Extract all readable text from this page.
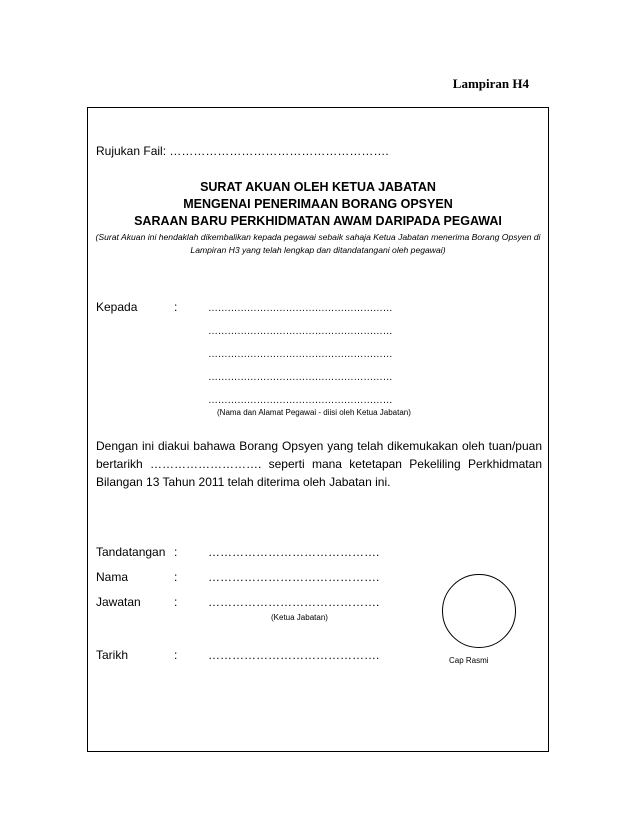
Lampiran H4
Rujukan Fail: ……………………………………………….
SURAT AKUAN OLEH KETUA JABATAN
MENGENAI PENERIMAAN BORANG OPSYEN
SARAAN BARU PERKHIDMATAN AWAM DARIPADA PEGAWAI
(Surat Akuan ini hendaklah dikembalikan kepada pegawai sebaik sahaja Ketua Jabatan menerima Borang Opsyen di Lampiran H3 yang telah lengkap dan ditandatangani oleh pegawai)
Kepada	:	…………………………………………………
…………………………………………………
…………………………………………………
…………………………………………………
…………………………………………………
(Nama dan Alamat Pegawai - diisi oleh Ketua Jabatan)
Dengan ini diakui bahawa Borang Opsyen yang telah dikemukakan oleh tuan/puan bertarikh ………………………. seperti mana ketetapan Pekeliling Perkhidmatan Bilangan 13 Tahun 2011 telah diterima oleh Jabatan ini.
Tandatangan :	…………………………………….
Nama	:	…………………………………….
Jawatan	:	…………………………………….
(Ketua Jabatan)
Tarikh	:	…………………………………….	Cap Rasmi
